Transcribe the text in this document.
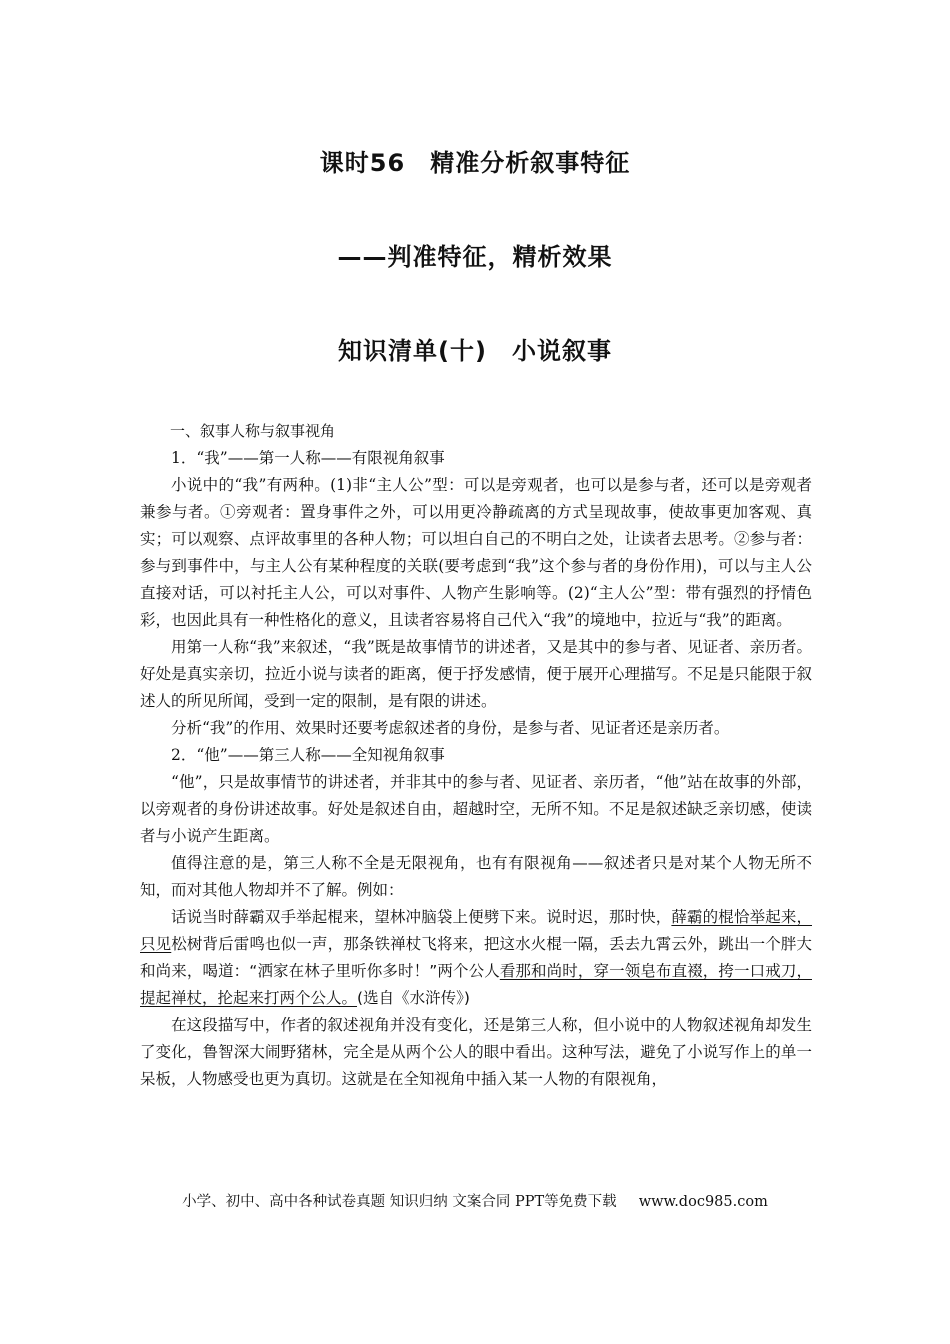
课时56　精准分析叙事特征
——判准特征，精析效果
知识清单(十)　小说叙事

一、叙事人称与叙事视角

1．“我”——第一人称——有限视角叙事

小说中的“我”有两种。(1)非“主人公”型：可以是旁观者，也可以是参与者，还可以是旁观者兼参与者。①旁观者：置身事件之外，可以用更冷静疏离的方式呈现故事，使故事更加客观、真实；可以观察、点评故事里的各种人物；可以坦白自己的不明白之处，让读者去思考。②参与者：参与到事件中，与主人公有某种程度的关联(要考虑到“我”这个参与者的身份作用)，可以与主人公直接对话，可以衬托主人公，可以对事件、人物产生影响等。(2)“主人公”型：带有强烈的抒情色彩，也因此具有一种性格化的意义，且读者容易将自己代入“我”的境地中，拉近与“我”的距离。

用第一人称“我”来叙述，“我”既是故事情节的讲述者，又是其中的参与者、见证者、亲历者。好处是真实亲切，拉近小说与读者的距离，便于抒发感情，便于展开心理描写。不足是只能限于叙述人的所见所闻，受到一定的限制，是有限的讲述。

分析“我”的作用、效果时还要考虑叙述者的身份，是参与者、见证者还是亲历者。

2．“他”——第三人称——全知视角叙事

“他”，只是故事情节的讲述者，并非其中的参与者、见证者、亲历者，“他”站在故事的外部，以旁观者的身份讲述故事。好处是叙述自由，超越时空，无所不知。不足是叙述缺乏亲切感，使读者与小说产生距离。

值得注意的是，第三人称不全是无限视角，也有有限视角——叙述者只是对某个人物无所不知，而对其他人物却并不了解。例如：

话说当时薛霸双手举起棍来，望林冲脑袋上便劈下来。说时迟，那时快，薛霸的棍恰举起来，只见松树背后雷鸣也似一声，那条铁禅杖飞将来，把这水火棍一隔，丢去九霄云外，跳出一个胖大和尚来，喝道：“洒家在林子里听你多时！”两个公人看那和尚时，穿一领皂布直裰，挎一口戒刀，提起禅杖，抡起来打两个公人。(选自《水浒传》)

在这段描写中，作者的叙述视角并没有变化，还是第三人称，但小说中的人物叙述视角却发生了变化，鲁智深大闹野猪林，完全是从两个公人的眼中看出。这种写法，避免了小说写作上的单一呆板，人物感受也更为真切。这就是在全知视角中插入某一人物的有限视角，

小学、初中、高中各种试卷真题 知识归纳 文案合同 PPT等免费下载 www.doc985.com
